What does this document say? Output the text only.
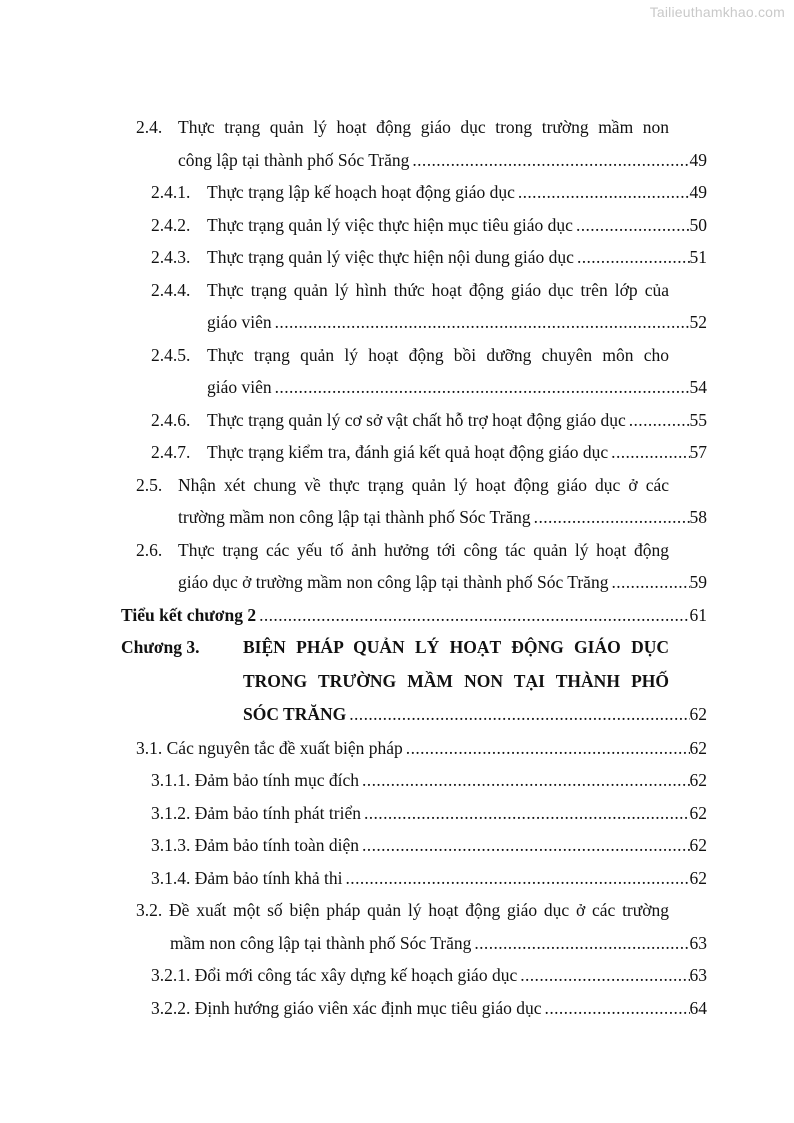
Tailieuthamkhao.com
2.4. Thực trạng quản lý hoạt động giáo dục trong trường mầm non
công lập tại thành phố Sóc Trăng .....	49
2.4.1. Thực trạng lập kế hoạch hoạt động giáo dục .....	49
2.4.2. Thực trạng quản lý việc thực hiện mục tiêu giáo dục .....	50
2.4.3. Thực trạng quản lý việc thực hiện nội dung giáo dục .....	51
2.4.4. Thực trạng quản lý hình thức hoạt động giáo dục trên lớp của
giáo viên .....	52
2.4.5. Thực trạng quản lý hoạt động bồi dưỡng chuyên môn cho
giáo viên .....	54
2.4.6. Thực trạng quản lý cơ sở vật chất hỗ trợ hoạt động giáo dục .....	55
2.4.7. Thực trạng kiểm tra, đánh giá kết quả hoạt động giáo dục .....	57
2.5. Nhận xét chung về thực trạng quản lý hoạt động giáo dục ở các
trường mầm non công lập tại thành phố Sóc Trăng .....	58
2.6. Thực trạng các yếu tố ảnh hưởng tới công tác quản lý hoạt động
giáo dục ở trường mầm non công lập tại thành phố Sóc Trăng .....	59
Tiểu kết chương 2 .....	61
Chương 3. BIỆN PHÁP QUẢN LÝ HOẠT ĐỘNG GIÁO DỤC
TRONG TRƯỜNG MẦM NON TẠI THÀNH PHỐ
SÓC TRĂNG .....	62
3.1. Các nguyên tắc đề xuất biện pháp .....	62
3.1.1. Đảm bảo tính mục đích .....	62
3.1.2. Đảm bảo tính phát triển .....	62
3.1.3. Đảm bảo tính toàn diện .....	62
3.1.4. Đảm bảo tính khả thi .....	62
3.2. Đề xuất một số biện pháp quản lý hoạt động giáo dục ở các trường
mầm non công lập tại thành phố Sóc Trăng .....	63
3.2.1. Đổi mới công tác xây dựng kế hoạch giáo dục .....	63
3.2.2. Định hướng giáo viên xác định mục tiêu giáo dục .....	64
